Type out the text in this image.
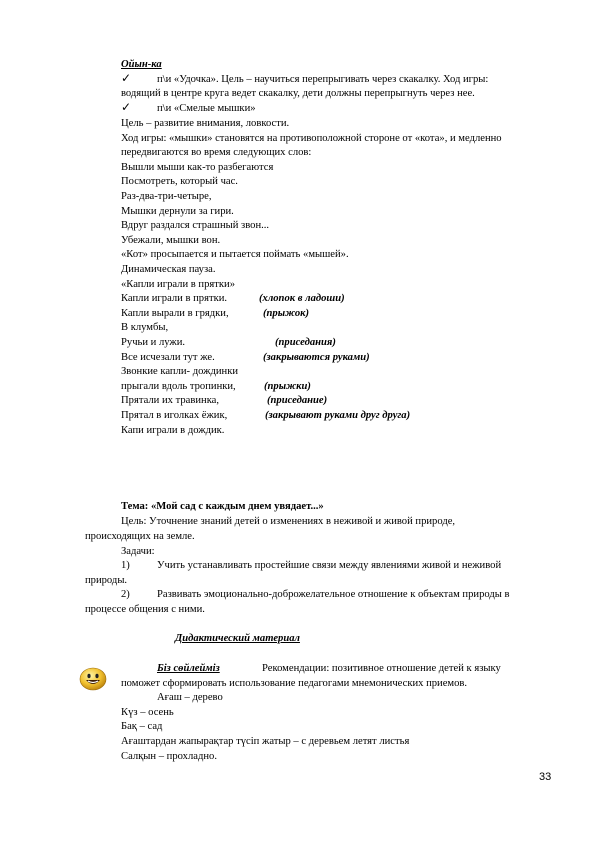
Ойын-ка
✓ п\и «Удочка». Цель – научиться перепрыгивать через скакалку. Ход игры:
водящий в центре круга ведет скакалку, дети должны перепрыгнуть через нее.
✓ п\и «Смелые мышки»
Цель – развитие внимания, ловкости.
Ход игры: «мышки» становятся на противоположной стороне от «кота», и медленно
передвигаются во время следующих слов:
Вышли мыши как-то разбегаются
Посмотреть, который час.
Раз-два-три-четыре,
Мышки дернули за гири.
Вдруг раздался страшный звон...
Убежали, мышки вон.
«Кот» просыпается и пытается поймать «мышей».
Динамическая пауза.
«Капли играли в прятки»
Капли играли в прятки.	(хлопок в ладоши)
Капли вырали в грядки,	(прыжок)
В клумбы,
Ручьи и лужи.	(приседания)
Все исчезали тут же.	(закрываются руками)
Звонкие капли- дождинки
прыгали вдоль тропинки,	(прыжки)
Прятали их травинка,	(приседание)
Прятал в иголках ёжик,	(закрывают руками друг друга)
Капи играли в дождик.
Тема: «Мой сад с каждым днем увядает...»
Цель: Уточнение знаний детей о изменениях в неживой и живой природе,
происходящих на земле.
Задачи:
1)	Учить устанавливать простейшие связи между явлениями живой и неживой
природы.
2)	Развивать эмоционально-доброжелательное отношение к объектам природы в
процессе общения с ними.
Дидактический материал
Біз сөйлейміз	Рекомендации: позитивное отношение детей к языку
поможет сформировать использование педагогами мнемонических приемов.
Ағаш – дерево
Күз – осень
Бақ – сад
Ағаштардан жапырақтар түсіп жатыр – с деревьем летят листья
Салқын – прохладно.
33
